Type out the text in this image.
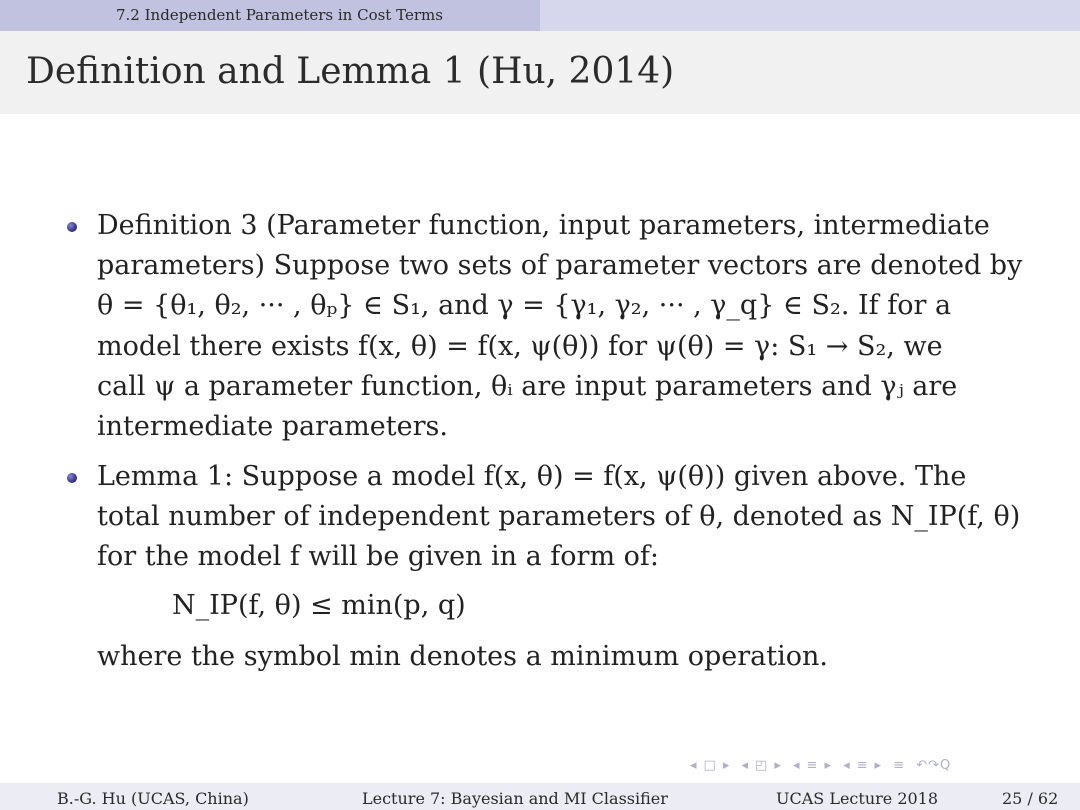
7.2 Independent Parameters in Cost Terms
Definition and Lemma 1 (Hu, 2014)
Definition 3 (Parameter function, input parameters, intermediate
parameters) Suppose two sets of parameter vectors are denoted by
θ = {θ₁, θ₂, ··· , θₚ} ∈ S₁, and γ = {γ₁, γ₂, ··· , γ_q} ∈ S₂. If for a
model there exists f(x, θ) = f(x, ψ(θ)) for ψ(θ) = γ: S₁ → S₂, we
call ψ a parameter function, θᵢ are input parameters and γⱼ are
intermediate parameters.
Lemma 1: Suppose a model f(x, θ) = f(x, ψ(θ)) given above. The
total number of independent parameters of θ, denoted as N_IP(f, θ)
for the model f will be given in a form of:
N_IP(f, θ) ≤ min(p, q)
where the symbol min denotes a minimum operation.
◂ □ ▸ ◂ ◰ ▸ ◂ ≡ ▸ ◂ ≡ ▸ ≡ ↶↷Q
B.-G. Hu (UCAS, China)	Lecture 7: Bayesian and MI Classifier	UCAS Lecture 2018	25 / 62
